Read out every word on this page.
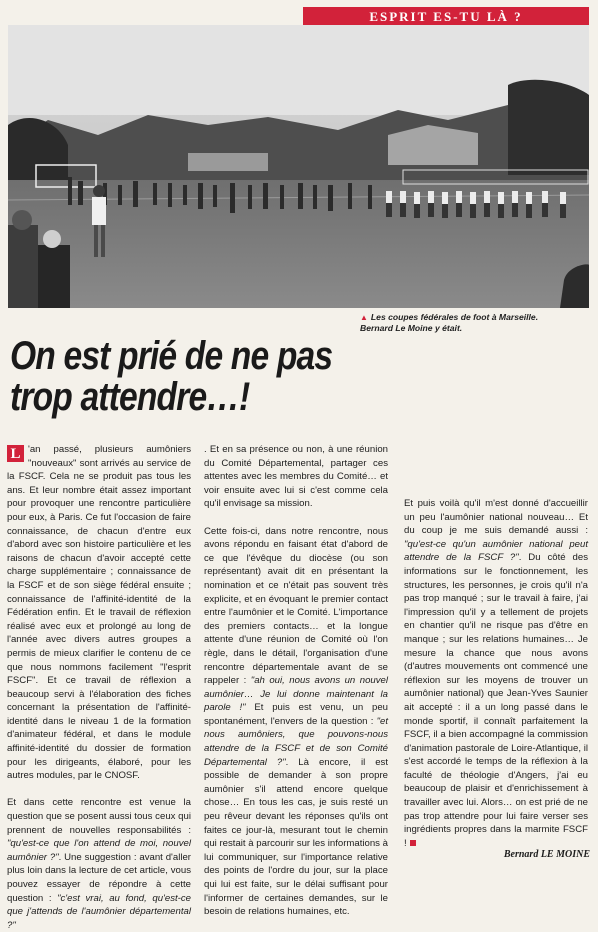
ESPRIT ES-TU LÀ ?
▲ Les coupes fédérales de foot à Marseille.
Bernard Le Moine y était.
On est prié de ne pas
trop attendre…!

L 'an passé, plusieurs aumôniers "nouveaux" sont arrivés au service de la FSCF. Cela ne se produit pas tous les ans. Et leur nombre était assez important pour provoquer une rencontre particulière pour eux, à Paris. Ce fut l'occasion de faire connaissance, de chacun d'entre eux d'abord avec son histoire particulière et les raisons de chacun d'avoir accepté cette charge supplémentaire ; connaissance de la FSCF et de son siège fédéral ensuite ; connaissance de l'affinité-identité de la Fédération enfin. Et le travail de réflexion réalisé avec eux et prolongé au long de l'année avec divers autres groupes a permis de mieux clarifier le contenu de ce que nous nommons facilement "l'esprit FSCF". Et ce travail de réflexion a beaucoup servi à l'élaboration des fiches concernant la présentation de l'affinité-identité dans le niveau 1 de la formation d'animateur fédéral, et dans le module affinité-identité du dossier de formation pour les dirigeants, élaboré, pour les autres modules, par le CNOSF.

Et dans cette rencontre est venue la question que se posent aussi tous ceux qui prennent de nouvelles responsabilités : "qu'est-ce que l'on attend de moi, nouvel aumônier ?". Une suggestion : avant d'aller plus loin dans la lecture de cet article, vous pouvez essayer de répondre à cette question : "c'est vrai, au fond, qu'est-ce que j'attends de l'aumônier départemental ?"

. Et en sa présence ou non, à une réunion du Comité Départemental, partager ces attentes avec les membres du Comité… et voir ensuite avec lui si c'est comme cela qu'il envisage sa mission.

Cette fois-ci, dans notre rencontre, nous avons répondu en faisant état d'abord de ce que l'évêque du diocèse (ou son représentant) avait dit en présentant la nomination et ce n'était pas souvent très explicite, et en évoquant le premier contact entre l'aumônier et le Comité. L'importance des premiers contacts… et la longue attente d'une réunion de Comité où l'on règle, dans le détail, l'organisation d'une rencontre départementale avant de se rappeler : "ah oui, nous avons un nouvel aumônier… Je lui donne maintenant la parole !" Et puis est venu, un peu spontanément, l'envers de la question : "et nous aumôniers, que pouvons-nous attendre de la FSCF et de son Comité Départemental ?". Là encore, il est possible de demander à son propre aumônier s'il attend encore quelque chose… En tous les cas, je suis resté un peu rêveur devant les réponses qu'ils ont faites ce jour-là, mesurant tout le chemin qui restait à parcourir sur les informations à lui communiquer, sur l'importance relative des points de l'ordre du jour, sur la place qui lui est faite, sur le délai suffisant pour l'informer de certaines demandes, sur le besoin de relations humaines, etc.

Et puis voilà qu'il m'est donné d'accueillir un peu l'aumônier national nouveau… Et du coup je me suis demandé aussi : "qu'est-ce qu'un aumônier national peut attendre de la FSCF ?". Du côté des informations sur le fonctionnement, les structures, les personnes, je crois qu'il n'a pas trop manqué ; sur le travail à faire, j'ai l'impression qu'il y a tellement de projets en chantier qu'il ne risque pas d'être en manque ; sur les relations humaines… Je mesure la chance que nous avons (d'autres mouvements ont commencé une réflexion sur les moyens de trouver un aumônier national) que Jean-Yves Saunier ait accepté : il a un long passé dans le monde sportif, il connaît parfaitement la FSCF, il a bien accompagné la commission d'animation pastorale de Loire-Atlantique, il s'est accordé le temps de la réflexion à la faculté de théologie d'Angers, j'ai eu beaucoup de plaisir et d'enrichissement à travailler avec lui. Alors… on est prié de ne pas trop attendre pour lui faire verser ses ingrédients propres dans la marmite FSCF !

Bernard LE MOINE
